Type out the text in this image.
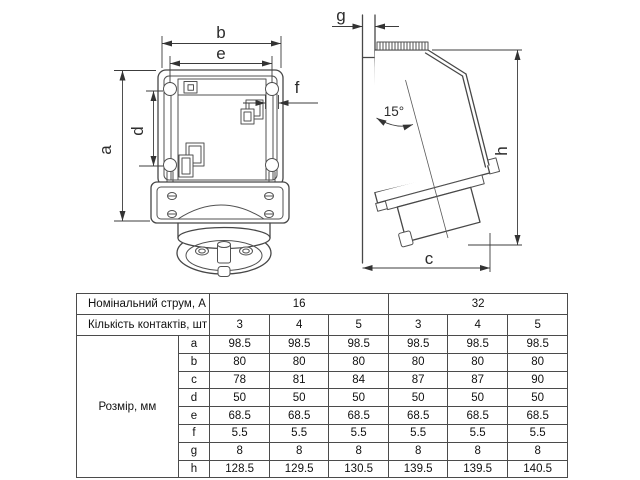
b
e
a
d
f
15°
g
h
c
Номінальний струм, А		16			32		
Кількість контактів, шт		3	4	5	3	4	5
Розмір, мм	a	98.5	98.5	98.5	98.5	98.5	98.5
	b	80	80	80	80	80	80
	c	78	81	84	87	87	90
	d	50	50	50	50	50	50
	e	68.5	68.5	68.5	68.5	68.5	68.5
	f	5.5	5.5	5.5	5.5	5.5	5.5
	g	8	8	8	8	8	8
	h	128.5	129.5	130.5	139.5	139.5	140.5
